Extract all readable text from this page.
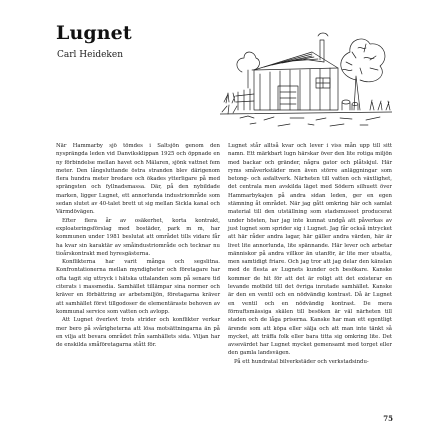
Lugnet
Carl Heideken

När Hammarby sjö tömdes i Saltsjön genom den nysprängda leden vid Danviksklippan 1925 och öppnade en ny förbindelse mellan havet och Mälaren, sjönk vattnet fem meter. Den långsluttande östra stranden blev därigenom flera hundra meter bredare och ökades ytterligare på med sprängsten och fyllnadsmassa. Där, på den nybildade marken, ligger Lugnet, ett annorlunda industriområde som sedan slutet av 40-talet brett ut sig mellan Sickla kanal och Värmdövägen.

Efter flera år av osäkerhet, korta kontrakt, exploateringsförslag med bostäder, park m m, har kommunen under 1981 beslutat att området tills vidare får ha kvar sin karaktär av småindustriområde och tecknar nu tioårskontrakt med hyresgästerna.

Konflikterna har varit många och segslitna. Konfrontationerna mellan myndigheter och företagare har ofta tagit sig uttryck i hätska uttalanden som på senare tid citerats i massmedia. Samhället tillämpar sina normer och kräver en förbättring av arbetsmiljön, företagarna kräver att samhället först tillgodoser de elementäraste behoven av kommunal service som vatten och avlopp.

Att Lugnet överlevt trots strider och konflikter verkar mer bero på svårigheterna att lösa motsättningarna än på en vilja att bevara området från samhällets sida. Viljan har de enskilda småföretagarna stått för.

Lugnet står alltså kvar och lever i viss mån upp till sitt namn. Ett märkbart lugn härskar över den lite rotiga miljön med backar och gränder, några gator och plåtskjul. Här ryms småverkstäder men även större anläggningar som betong- och asfaltverk. Närheten till vatten och växtlighet, det centrala men avskilda läget med Södern silhuett över Hammarbykajen på andra sidan leden, ger en egen stämning åt området. När jag gått omkring här och samlat material till den utställning som stadsmuseet producerat under hösten, har jag inte kunnat undgå att påverkas av just lugnet som sprider sig i Lugnet. Jag får också intrycket att här råder andra lagar, här gäller andra värden, här är livet lite annorlunda, lite spännande. Här lever och arbetar människor på andra villkor än utanför, är lite mer utsatta, men samtidigt friare. Och jag tror att jag delar den känslan med de flesta av Lugnets kunder och besökare. Kanske kommer de hit för att det är roligt att det existerar en levande motbild till det övriga inrutade samhället. Kanske är den en ventil och en nödvändig kontrast. Då är Lugnet en ventil och en nödvändig kontrast. De mera förnuftsmässiga skälen till besöken är väl närheten till staden och de låga priserna. Kanske har man ett egentligt ärende som att köpa eller sälja och att man inte tänkt så mycket, att träffa folk eller bara titta sig omkring lite. Det avsevärdet har Lugnet mycket gemensamt med torget eller den gamla landsvägen.

På ett hundratal bilverkstäder och verkstadsindu-

75
